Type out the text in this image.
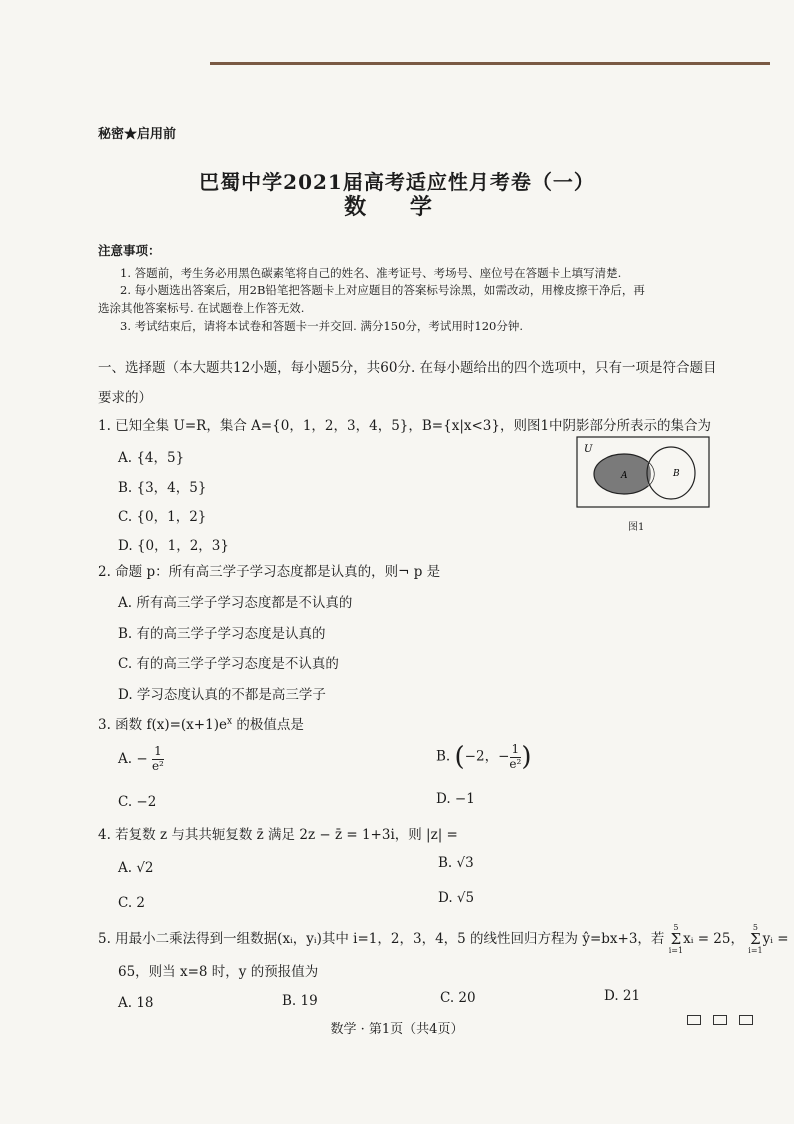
秘密★启用前
巴蜀中学2021届高考适应性月考卷（一）
数 学
注意事项：
1. 答题前，考生务必用黑色碳素笔将自己的姓名、准考证号、考场号、座位号在答题卡上填写清楚.
2. 每小题选出答案后，用2B铅笔把答题卡上对应题目的答案标号涂黑，如需改动，用橡皮擦干净后，再
选涂其他答案标号. 在试题卷上作答无效.
3. 考试结束后，请将本试卷和答题卡一并交回. 满分150分，考试用时120分钟.
一、选择题（本大题共12小题，每小题5分，共60分. 在每小题给出的四个选项中，只有一项是符合题目要求的）
1. 已知全集 U=R，集合 A={0，1，2，3，4，5}，B={x|x<3}，则图1中阴影部分所表示的集合为
A. {4，5}
B. {3，4，5}
C. {0，1，2}
D. {0，1，2，3}
U
A	B
图1
2. 命题 p：所有高三学子学习态度都是认真的，则¬ p 是
A. 所有高三学子学习态度都是不认真的
B. 有的高三学子学习态度是认真的
C. 有的高三学子学习态度是不认真的
D. 学习态度认真的不都是高三学子
3. 函数 $f(x)=(x+1)e^x$ 的极值点是
A. − $\frac{1}{\text{e²}}$	B. (−2，− $\frac{1}{\text{e²}}$ )
C. −2	D. −1
4. 若复数 z 与其共轭复数 z̄ 满足 2z − z̄ = 1+3i，则 |z| =
A. √2	B. √3
C. 2	D. √5
5. 用最小二乘法得到一组数据(xᵢ，yᵢ)其中 i=1，2，3，4，5 的线性回归方程为 ŷ=bx+3，若
5
Σ
i=1
xᵢ = 25，
5
Σ
i=1
yᵢ =
65，则当 x=8 时，y 的预报值为
A. 18	B. 19	C. 20	D. 21
数学 · 第1页（共4页）
